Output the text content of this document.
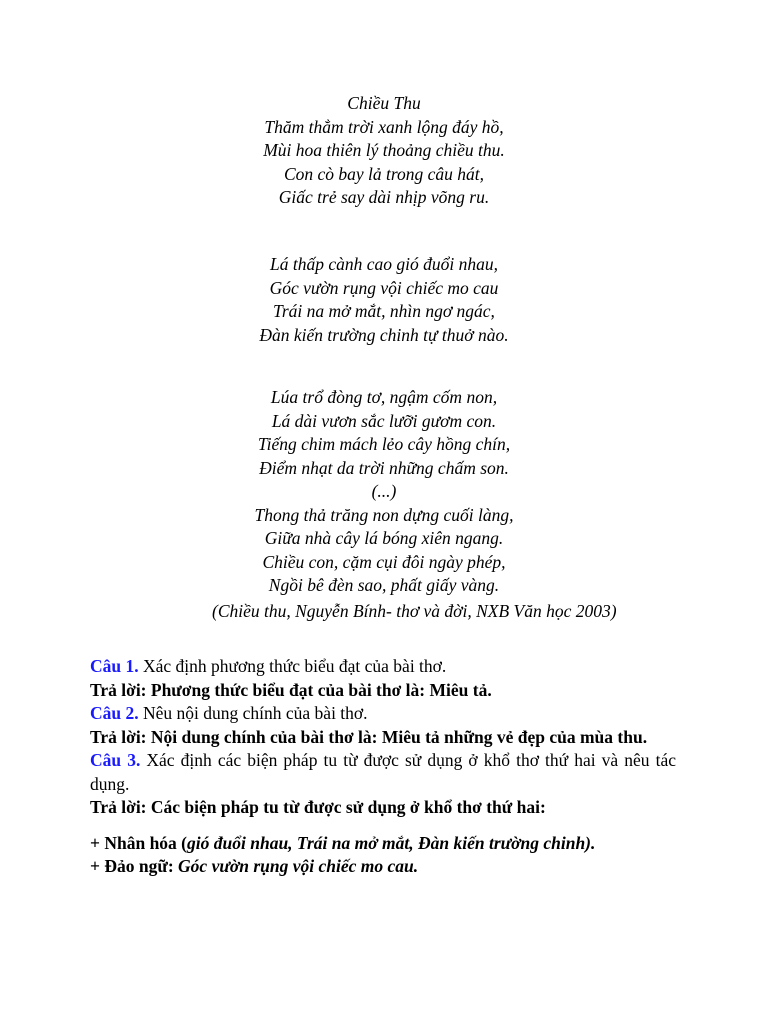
Chiều Thu
Thăm thẳm trời xanh lộng đáy hồ,
Mùi hoa thiên lý thoảng chiều thu.
Con cò bay lả trong câu hát,
Giấc trẻ say dài nhịp võng ru.
Lá thấp cành cao gió đuổi nhau,
Góc vườn rụng vội chiếc mo cau
Trái na mở mắt, nhìn ngơ ngác,
Đàn kiến trường chinh tự thuở nào.
Lúa trổ đòng tơ, ngậm cốm non,
Lá dài vươn sắc lưỡi gươm con.
Tiếng chim mách lẻo cây hồng chín,
Điểm nhạt da trời những chấm son.
(...)
Thong thả trăng non dựng cuối làng,
Giữa nhà cây lá bóng xiên ngang.
Chiều con, cặm cụi đôi ngày phép,
Ngồi bê đèn sao, phất giấy vàng.
(Chiều thu, Nguyễn Bính- thơ và đời, NXB Văn học 2003)
Câu 1. Xác định phương thức biểu đạt của bài thơ.
Trả lời: Phương thức biểu đạt của bài thơ là: Miêu tả.
Câu 2. Nêu nội dung chính của bài thơ.
Trả lời: Nội dung chính của bài thơ là: Miêu tả những vẻ đẹp của mùa thu.
Câu 3. Xác định các biện pháp tu từ được sử dụng ở khổ thơ thứ hai và nêu tác dụng.
Trả lời: Các biện pháp tu từ được sử dụng ở khổ thơ thứ hai:
+ Nhân hóa (gió đuổi nhau, Trái na mở mắt, Đàn kiến trường chinh).
+ Đảo ngữ: Góc vườn rụng vội chiếc mo cau.
